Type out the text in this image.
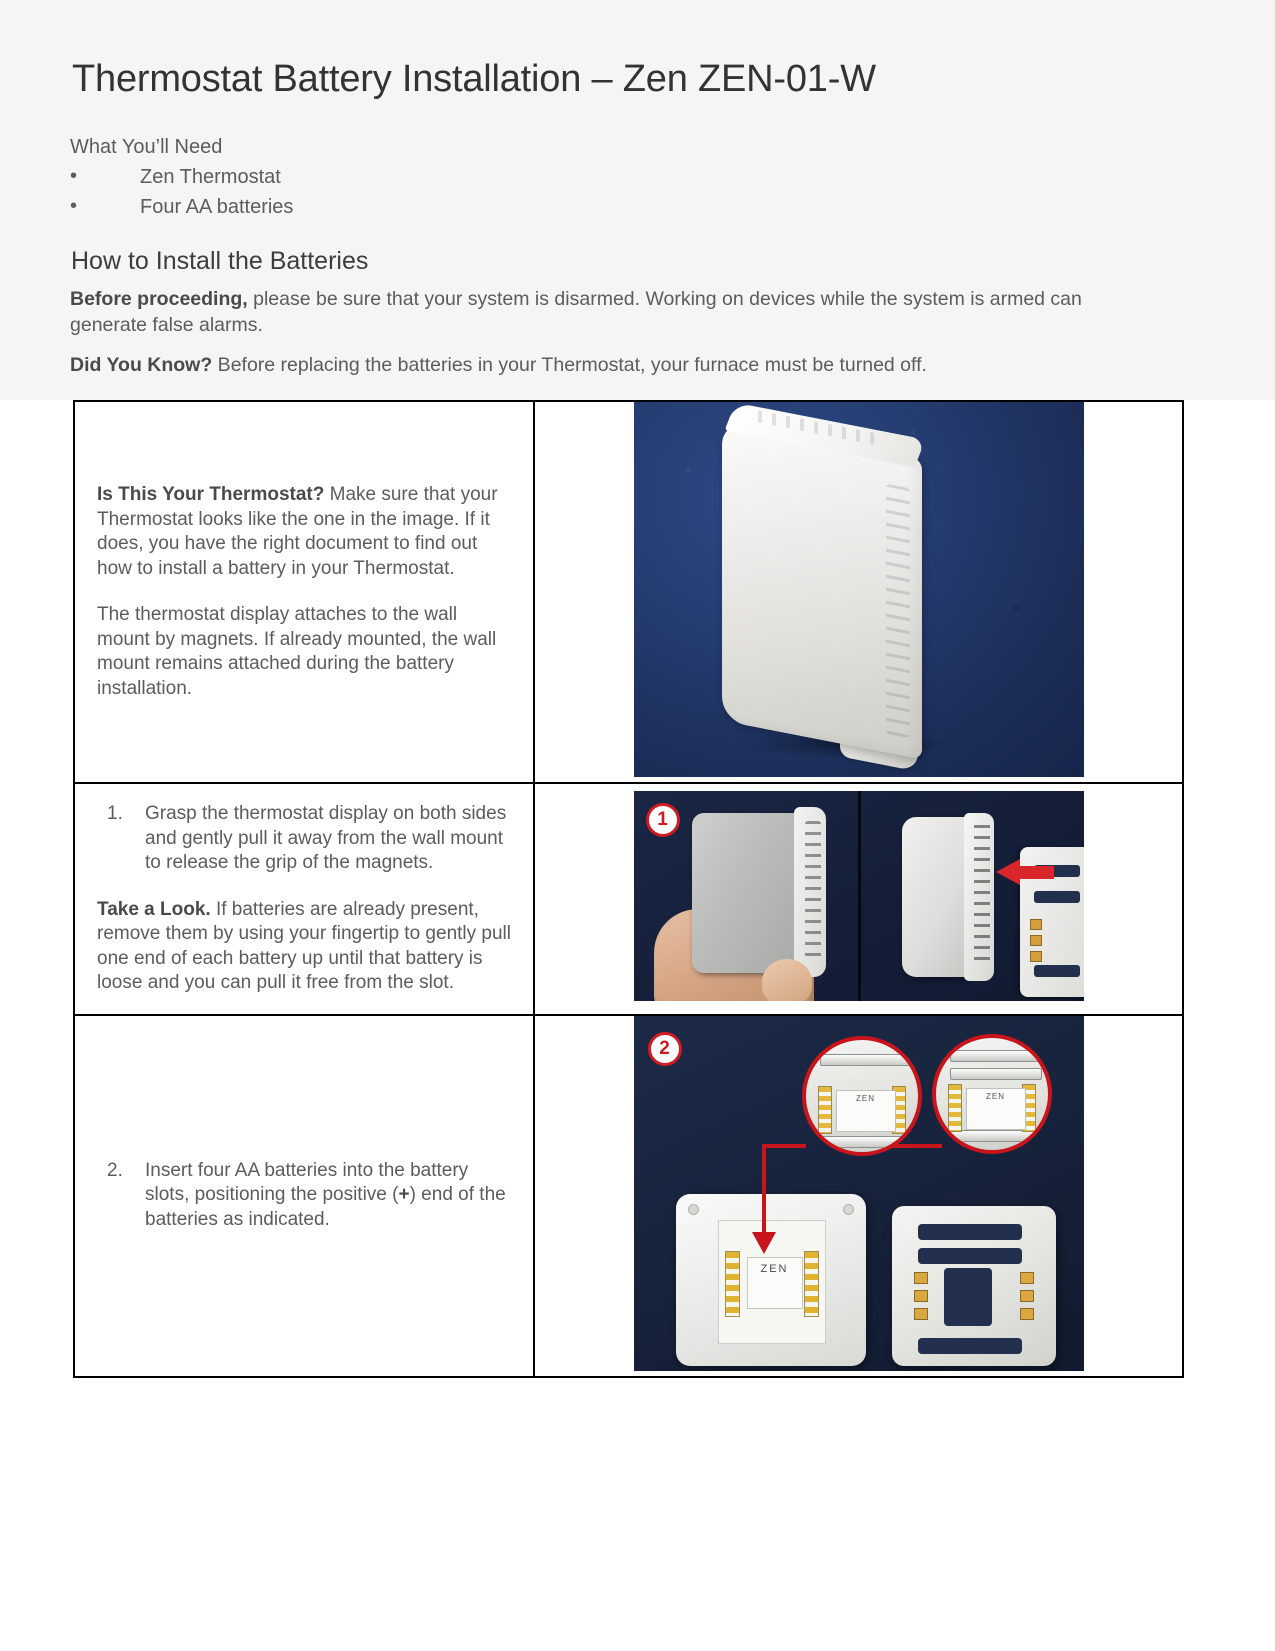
Thermostat Battery Installation – Zen ZEN-01-W
What You’ll Need
•	Zen Thermostat
•	Four AA batteries
How to Install the Batteries
Before proceeding, please be sure that your system is disarmed. Working on devices while the system is armed can generate false alarms.
Did You Know? Before replacing the batteries in your Thermostat, your furnace must be turned off.

Is This Your Thermostat? Make sure that your Thermostat looks like the one in the image. If it does, you have the right document to find out how to install a battery in your Thermostat.

The thermostat display attaches to the wall mount by magnets. If already mounted, the wall mount remains attached during the battery installation.	

1. Grasp the thermostat display on both sides and gently pull it away from the wall mount to release the grip of the magnets.

Take a Look. If batteries are already present, remove them by using your fingertip to gently pull one end of each battery up until that battery is loose and you can pull it free from the slot.

1

2. Insert four AA batteries into the battery slots, positioning the positive (+) end of the batteries as indicated.

2
ZEN	ZEN
ZEN
